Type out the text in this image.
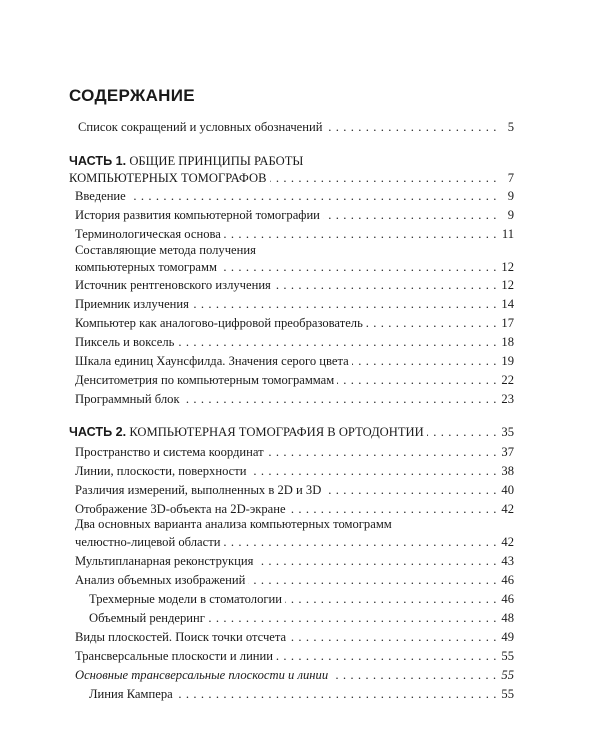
СОДЕРЖАНИЕ
Список сокращений и условных обозначений . . .	5
ЧАСТЬ 1. ОБЩИЕ ПРИНЦИПЫ РАБОТЫ
КОМПЬЮТЕРНЫХ ТОМОГРАФОВ . . .	7
Введение . . .	9
История развития компьютерной томографии . . .	9
Терминологическая основа . . .	11
Составляющие метода получения
компьютерных томограмм . . .	12
Источник рентгеновского излучения . . .	12
Приемник излучения . . .	14
Компьютер как аналогово-цифровой преобразователь . . .	17
Пиксель и воксель . . .	18
Шкала единиц Хаунсфилда. Значения серого цвета . . .	19
Денситометрия по компьютерным томограммам . . .	22
Программный блок . . .	23
ЧАСТЬ 2. КОМПЬЮТЕРНАЯ ТОМОГРАФИЯ В ОРТОДОНТИИ . . .	35
Пространство и система координат . . .	37
Линии, плоскости, поверхности . . .	38
Различия измерений, выполненных в 2D и 3D . . .	40
Отображение 3D-объекта на 2D-экране . . .	42
Два основных варианта анализа компьютерных томограмм
челюстно-лицевой области . . .	42
Мультипланарная реконструкция . . .	43
Анализ объемных изображений . . .	46
Трехмерные модели в стоматологии . . .	46
Объемный рендеринг . . .	48
Виды плоскостей. Поиск точки отсчета . . .	49
Трансверсальные плоскости и линии . . .	55
Основные трансверсальные плоскости и линии . . .	55
Линия Кампера . . .	55
